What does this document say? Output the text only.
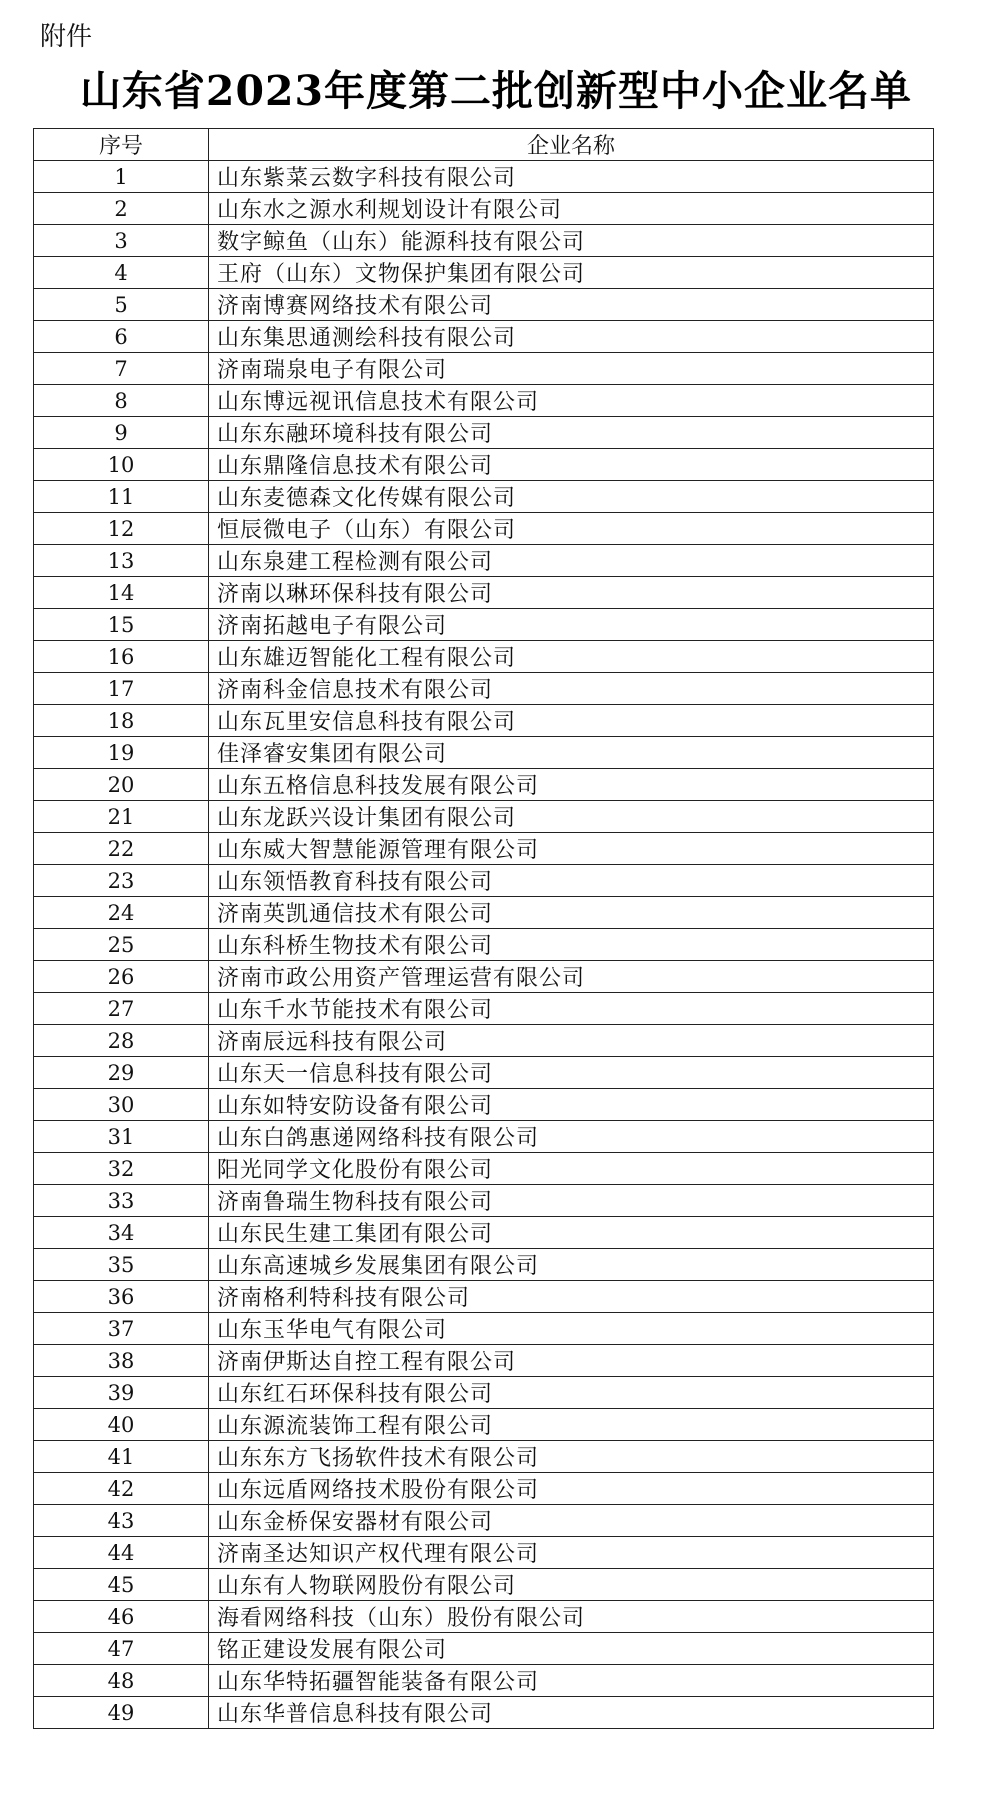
附件
山东省2023年度第二批创新型中小企业名单
序号	企业名称
1	山东紫菜云数字科技有限公司
2	山东水之源水利规划设计有限公司
3	数字鲸鱼（山东）能源科技有限公司
4	王府（山东）文物保护集团有限公司
5	济南博赛网络技术有限公司
6	山东集思通测绘科技有限公司
7	济南瑞泉电子有限公司
8	山东博远视讯信息技术有限公司
9	山东东融环境科技有限公司
10	山东鼎隆信息技术有限公司
11	山东麦德森文化传媒有限公司
12	恒辰微电子（山东）有限公司
13	山东泉建工程检测有限公司
14	济南以琳环保科技有限公司
15	济南拓越电子有限公司
16	山东雄迈智能化工程有限公司
17	济南科金信息技术有限公司
18	山东瓦里安信息科技有限公司
19	佳泽睿安集团有限公司
20	山东五格信息科技发展有限公司
21	山东龙跃兴设计集团有限公司
22	山东威大智慧能源管理有限公司
23	山东领悟教育科技有限公司
24	济南英凯通信技术有限公司
25	山东科桥生物技术有限公司
26	济南市政公用资产管理运营有限公司
27	山东千水节能技术有限公司
28	济南辰远科技有限公司
29	山东天一信息科技有限公司
30	山东如特安防设备有限公司
31	山东白鸽惠递网络科技有限公司
32	阳光同学文化股份有限公司
33	济南鲁瑞生物科技有限公司
34	山东民生建工集团有限公司
35	山东高速城乡发展集团有限公司
36	济南格利特科技有限公司
37	山东玉华电气有限公司
38	济南伊斯达自控工程有限公司
39	山东红石环保科技有限公司
40	山东源流装饰工程有限公司
41	山东东方飞扬软件技术有限公司
42	山东远盾网络技术股份有限公司
43	山东金桥保安器材有限公司
44	济南圣达知识产权代理有限公司
45	山东有人物联网股份有限公司
46	海看网络科技（山东）股份有限公司
47	铭正建设发展有限公司
48	山东华特拓疆智能装备有限公司
49	山东华普信息科技有限公司
